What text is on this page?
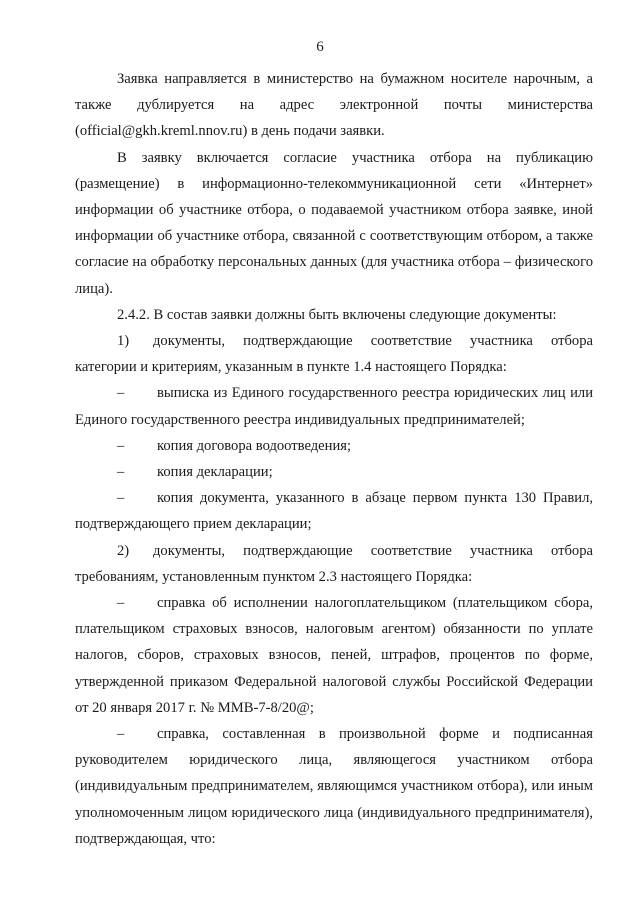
6

Заявка направляется в министерство на бумажном носителе нарочным, а также дублируется на адрес электронной почты министерства (official@gkh.kreml.nnov.ru) в день подачи заявки.

В заявку включается согласие участника отбора на публикацию (размещение) в информационно-телекоммуникационной сети «Интернет» информации об участнике отбора, о подаваемой участником отбора заявке, иной информации об участнике отбора, связанной с соответствующим отбором, а также согласие на обработку персональных данных (для участника отбора – физического лица).

2.4.2. В состав заявки должны быть включены следующие документы:

1) документы, подтверждающие соответствие участника отбора категории и критериям, указанным в пункте 1.4 настоящего Порядка:

– выписка из Единого государственного реестра юридических лиц или Единого государственного реестра индивидуальных предпринимателей;

– копия договора водоотведения;

– копия декларации;

– копия документа, указанного в абзаце первом пункта 130 Правил, подтверждающего прием декларации;

2) документы, подтверждающие соответствие участника отбора требованиям, установленным пунктом 2.3 настоящего Порядка:

– справка об исполнении налогоплательщиком (плательщиком сбора, плательщиком страховых взносов, налоговым агентом) обязанности по уплате налогов, сборов, страховых взносов, пеней, штрафов, процентов по форме, утвержденной приказом Федеральной налоговой службы Российской Федерации от 20 января 2017 г. № ММВ-7-8/20@;

– справка, составленная в произвольной форме и подписанная руководителем юридического лица, являющегося участником отбора (индивидуальным предпринимателем, являющимся участником отбора), или иным уполномоченным лицом юридического лица (индивидуального предпринимателя), подтверждающая, что:
